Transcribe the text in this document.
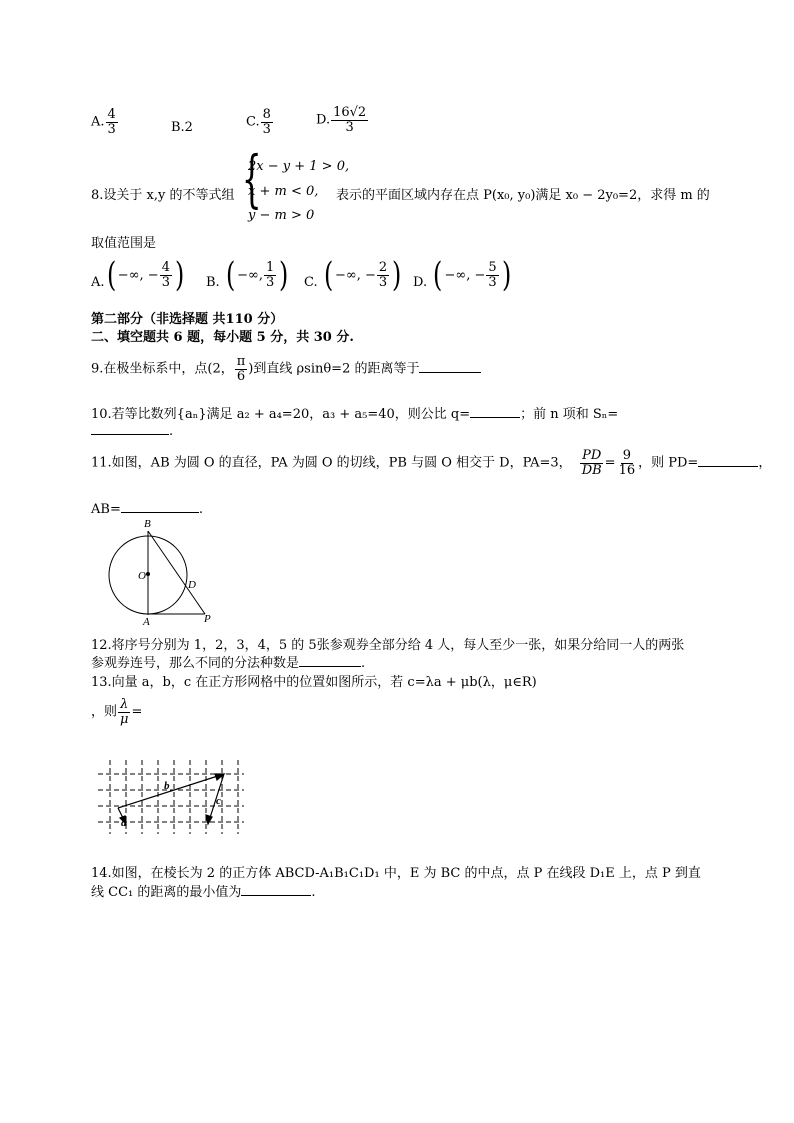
A. $\frac{4}{3}$	B.2	C. $\frac{8}{3}$	D. $\frac{16√2}{3}$
8.设关于 x,y 的不等式组 {
2x − y + 1 > 0,
x + m < 0,
y − m > 0
表示的平面区域内存在点 P(x₀, y₀)满足 x₀ − 2y₀=2，求得 m 的
取值范围是
A. ( −∞, − $\frac{4}{3}$ ) B. ( −∞, $\frac{1}{3}$ ) C. ( −∞, − $\frac{2}{3}$ ) D. ( −∞, − $\frac{5}{3}$ )
第二部分（非选择题 共110 分）
二、填空题共 6 题，每小题 5 分，共 30 分.
9.在极坐标系中，点(2， $\frac{\pi}{6}$ )到直线 ρsinθ=2 的距离等于
10.若等比数列{aₙ}满足 a₂ + a₄=20，a₃ + a₅=40，则公比 q=	；前 n 项和 Sₙ=
.
11.如图，AB 为圆 O 的直径，PA 为圆 O 的切线，PB 与圆 O 相交于 D，PA=3， $\frac{PD}{DB} = \frac{9}{16}$ ，则 PD=	，
AB=	.
B
O
D
A	P
12.将序号分别为 1，2，3，4，5 的 5张参观券全部分给 4 人，每人至少一张，如果分给同一人的两张
参观券连号，那么不同的分法种数是	.
13.向量 a，b，c 在正方形网格中的位置如图所示，若 c=λa + μb(λ，μ∈R)
，则 $\frac{\lambda}{\mu}$ =
b
c
a
14.如图，在棱长为 2 的正方体 ABCD-A₁B₁C₁D₁ 中，E 为 BC 的中点，点 P 在线段 D₁E 上，点 P 到直
线 CC₁ 的距离的最小值为	.
